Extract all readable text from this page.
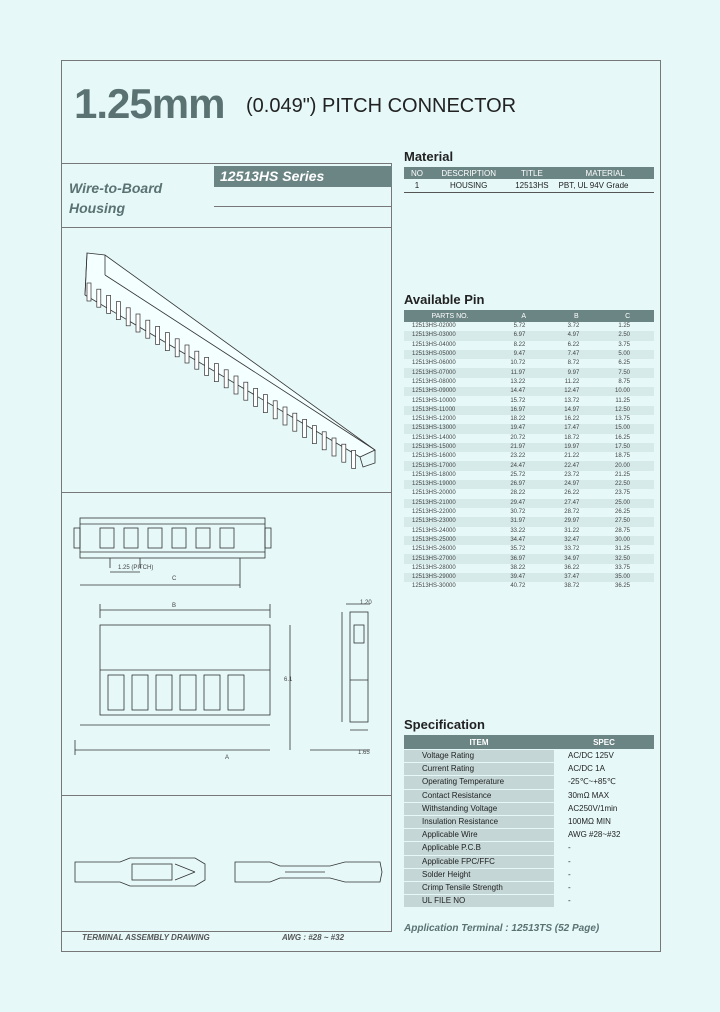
1.25mm (0.049") PITCH CONNECTOR
12513HS Series
Wire-to-Board
Housing
Material
NO	DESCRIPTION	TITLE	MATERIAL
1	HOUSING	12513HS	PBT, UL 94V Grade
Available Pin
PARTS NO.	A	B	C
12513HS-02000	5.72	3.72	1.25
12513HS-03000	6.97	4.97	2.50
12513HS-04000	8.22	6.22	3.75
12513HS-05000	9.47	7.47	5.00
12513HS-06000	10.72	8.72	6.25
12513HS-07000	11.97	9.97	7.50
12513HS-08000	13.22	11.22	8.75
12513HS-09000	14.47	12.47	10.00
12513HS-10000	15.72	13.72	11.25
12513HS-11000	16.97	14.97	12.50
12513HS-12000	18.22	16.22	13.75
12513HS-13000	19.47	17.47	15.00
12513HS-14000	20.72	18.72	16.25
12513HS-15000	21.97	19.97	17.50
12513HS-16000	23.22	21.22	18.75
12513HS-17000	24.47	22.47	20.00
12513HS-18000	25.72	23.72	21.25
12513HS-19000	26.97	24.97	22.50
12513HS-20000	28.22	26.22	23.75
12513HS-21000	29.47	27.47	25.00
12513HS-22000	30.72	28.72	26.25
12513HS-23000	31.97	29.97	27.50
12513HS-24000	33.22	31.22	28.75
12513HS-25000	34.47	32.47	30.00
12513HS-26000	35.72	33.72	31.25
12513HS-27000	36.97	34.97	32.50
12513HS-28000	38.22	36.22	33.75
12513HS-29000	39.47	37.47	35.00
12513HS-30000	40.72	38.72	36.25
Specification
ITEM	SPEC
Voltage Rating	AC/DC 125V
Current Rating	AC/DC 1A
Operating Temperature	-25℃~+85℃
Contact Resistance	30mΩ MAX
Withstanding Voltage	AC250V/1min
Insulation Resistance	100MΩ MIN
Applicable Wire	AWG #28~#32
Applicable P.C.B	-
Applicable FPC/FFC	-
Solder Height	-
Crimp Tensile Strength	-
UL FILE NO	-
Application Terminal : 12513TS (52 Page)
1.25 (PITCH)
C
B
A
6.1
1.20
1.65
TERMINAL ASSEMBLY DRAWING	AWG : #28 ~ #32
